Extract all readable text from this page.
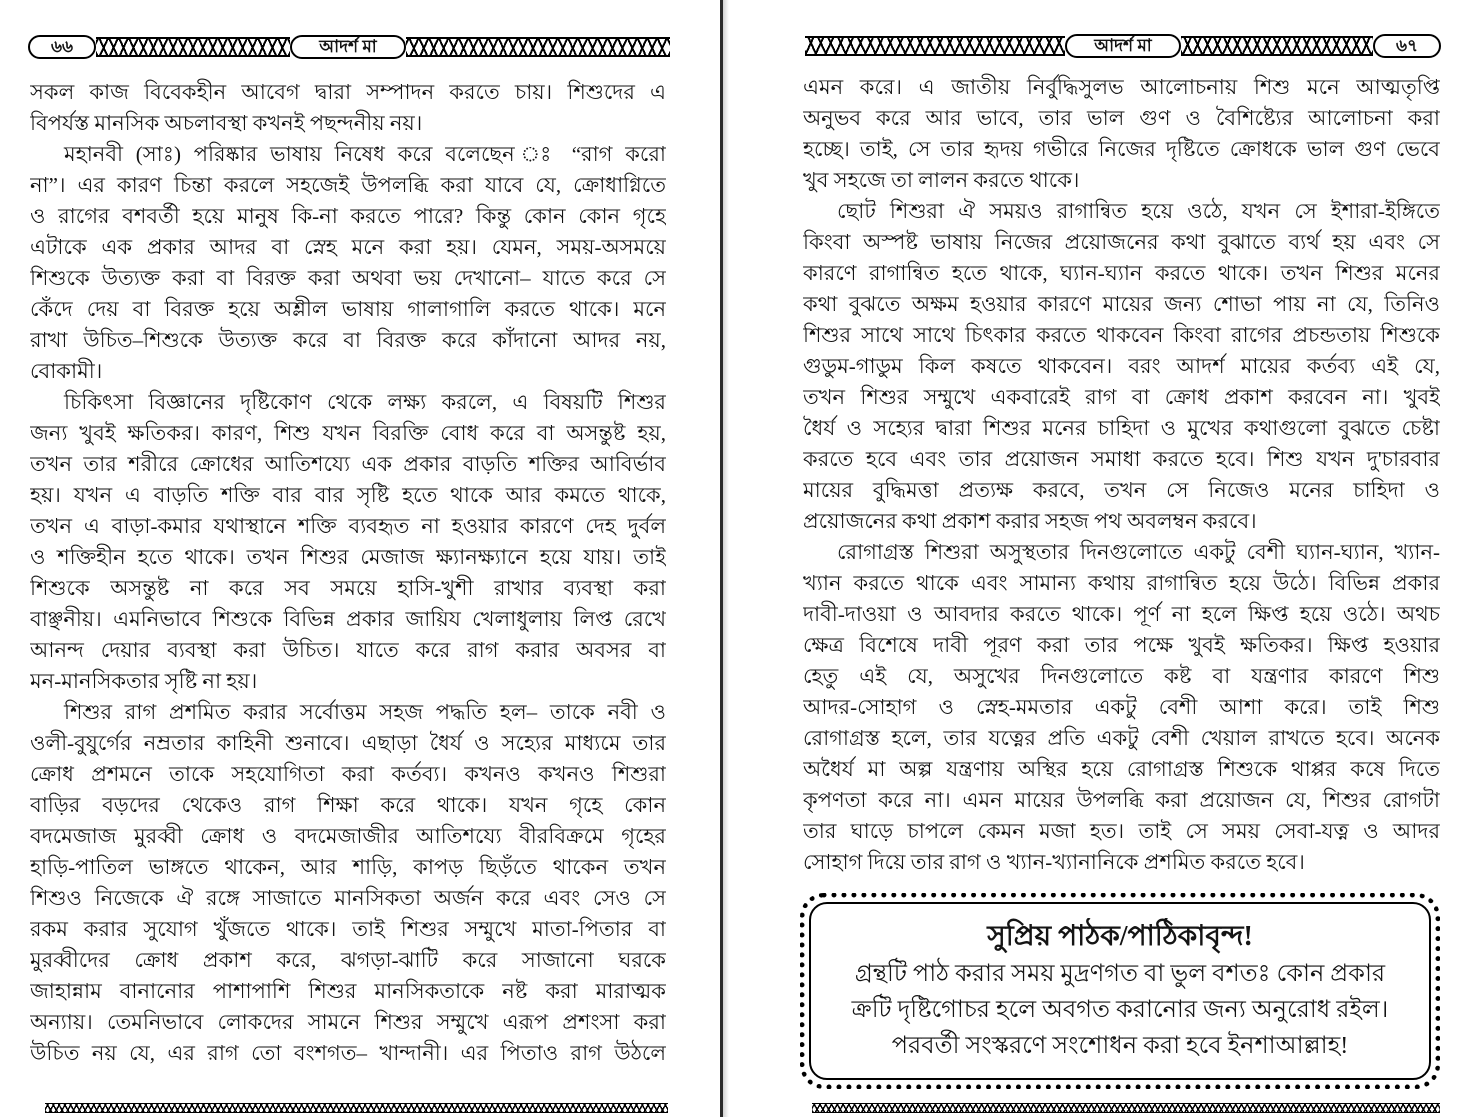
৬৬	আদর্শ মা	আদর্শ মা	৬৭
সকল কাজ বিবেকহীন আবেগ দ্বারা সম্পাদন করতে চায়। শিশুদের এ
বিপর্যস্ত মানসিক অচলাবস্থা কখনই পছন্দনীয় নয়।
মহানবী (সাঃ) পরিষ্কার ভাষায় নিষেধ করে বলেছেন ঃ “রাগ করো
না”। এর কারণ চিন্তা করলে সহজেই উপলব্ধি করা যাবে যে, ক্রোধাগ্নিতে
ও রাগের বশবর্তী হয়ে মানুষ কি-না করতে পারে? কিন্তু কোন কোন গৃহে
এটাকে এক প্রকার আদর বা স্নেহ মনে করা হয়। যেমন, সময়-অসময়ে
শিশুকে উত্যক্ত করা বা বিরক্ত করা অথবা ভয় দেখানো– যাতে করে সে
কেঁদে দেয় বা বিরক্ত হয়ে অশ্লীল ভাষায় গালাগালি করতে থাকে। মনে
রাখা উচিত–শিশুকে উত্যক্ত করে বা বিরক্ত করে কাঁদানো আদর নয়,
বোকামী।
চিকিৎসা বিজ্ঞানের দৃষ্টিকোণ থেকে লক্ষ্য করলে, এ বিষয়টি শিশুর
জন্য খুবই ক্ষতিকর। কারণ, শিশু যখন বিরক্তি বোধ করে বা অসন্তুষ্ট হয়,
তখন তার শরীরে ক্রোধের আতিশয্যে এক প্রকার বাড়তি শক্তির আবির্ভাব
হয়। যখন এ বাড়তি শক্তি বার বার সৃষ্টি হতে থাকে আর কমতে থাকে,
তখন এ বাড়া-কমার যথাস্থানে শক্তি ব্যবহৃত না হওয়ার কারণে দেহ দুর্বল
ও শক্তিহীন হতে থাকে। তখন শিশুর মেজাজ ক্ষ্যানক্ষ্যানে হয়ে যায়। তাই
শিশুকে অসন্তুষ্ট না করে সব সময়ে হাসি-খুশী রাখার ব্যবস্থা করা
বাঞ্ছনীয়। এমনিভাবে শিশুকে বিভিন্ন প্রকার জায়িয খেলাধুলায় লিপ্ত রেখে
আনন্দ দেয়ার ব্যবস্থা করা উচিত। যাতে করে রাগ করার অবসর বা
মন-মানসিকতার সৃষ্টি না হয়।
শিশুর রাগ প্রশমিত করার সর্বোত্তম সহজ পদ্ধতি হল– তাকে নবী ও
ওলী-বুযুর্গের নম্রতার কাহিনী শুনাবে। এছাড়া ধৈর্য ও সহ্যের মাধ্যমে তার
ক্রোধ প্রশমনে তাকে সহযোগিতা করা কর্তব্য। কখনও কখনও শিশুরা
বাড়ির বড়দের থেকেও রাগ শিক্ষা করে থাকে। যখন গৃহে কোন
বদমেজাজ মুরব্বী ক্রোধ ও বদমেজাজীর আতিশয্যে বীরবিক্রমে গৃহের
হাড়ি-পাতিল ভাঙ্গতে থাকেন, আর শাড়ি, কাপড় ছিড়ঁতে থাকেন তখন
শিশুও নিজেকে ঐ রঙ্গে সাজাতে মানসিকতা অর্জন করে এবং সেও সে
রকম করার সুযোগ খুঁজতে থাকে। তাই শিশুর সম্মুখে মাতা-পিতার বা
মুরব্বীদের ক্রোধ প্রকাশ করে, ঝগড়া-ঝাটি করে সাজানো ঘরকে
জাহান্নাম বানানোর পাশাপাশি শিশুর মানসিকতাকে নষ্ট করা মারাত্মক
অন্যায়। তেমনিভাবে লোকদের সামনে শিশুর সম্মুখে এরূপ প্রশংসা করা
উচিত নয় যে, এর রাগ তো বংশগত– খান্দানী। এর পিতাও রাগ উঠলে
এমন করে। এ জাতীয় নির্বুদ্ধিসুলভ আলোচনায় শিশু মনে আত্মতৃপ্তি
অনুভব করে আর ভাবে, তার ভাল গুণ ও বৈশিষ্ট্যের আলোচনা করা
হচ্ছে। তাই, সে তার হৃদয় গভীরে নিজের দৃষ্টিতে ক্রোধকে ভাল গুণ ভেবে
খুব সহজে তা লালন করতে থাকে।
ছোট শিশুরা ঐ সময়ও রাগান্বিত হয়ে ওঠে, যখন সে ইশারা-ইঙ্গিতে
কিংবা অস্পষ্ট ভাষায় নিজের প্রয়োজনের কথা বুঝাতে ব্যর্থ হয় এবং সে
কারণে রাগান্বিত হতে থাকে, ঘ্যান-ঘ্যান করতে থাকে। তখন শিশুর মনের
কথা বুঝতে অক্ষম হওয়ার কারণে মায়ের জন্য শোভা পায় না যে, তিনিও
শিশুর সাথে সাথে চিৎকার করতে থাকবেন কিংবা রাগের প্রচন্ডতায় শিশুকে
গুডুম-গাডুম কিল কষতে থাকবেন। বরং আদর্শ মায়ের কর্তব্য এই যে,
তখন শিশুর সম্মুখে একবারেই রাগ বা ক্রোধ প্রকাশ করবেন না। খুবই
ধৈর্য ও সহ্যের দ্বারা শিশুর মনের চাহিদা ও মুখের কথাগুলো বুঝতে চেষ্টা
করতে হবে এবং তার প্রয়োজন সমাধা করতে হবে। শিশু যখন দু'চারবার
মায়ের বুদ্ধিমত্তা প্রত্যক্ষ করবে, তখন সে নিজেও মনের চাহিদা ও
প্রয়োজনের কথা প্রকাশ করার সহজ পথ অবলম্বন করবে।
রোগাগ্রস্ত শিশুরা অসুস্থতার দিনগুলোতে একটু বেশী ঘ্যান-ঘ্যান, খ্যান-
খ্যান করতে থাকে এবং সামান্য কথায় রাগান্বিত হয়ে উঠে। বিভিন্ন প্রকার
দাবী-দাওয়া ও আবদার করতে থাকে। পূর্ণ না হলে ক্ষিপ্ত হয়ে ওঠে। অথচ
ক্ষেত্র বিশেষে দাবী পূরণ করা তার পক্ষে খুবই ক্ষতিকর। ক্ষিপ্ত হওয়ার
হেতু এই যে, অসুখের দিনগুলোতে কষ্ট বা যন্ত্রণার কারণে শিশু
আদর-সোহাগ ও স্নেহ-মমতার একটু বেশী আশা করে। তাই শিশু
রোগাগ্রস্ত হলে, তার যত্নের প্রতি একটু বেশী খেয়াল রাখতে হবে। অনেক
অধৈর্য মা অল্প যন্ত্রণায় অস্থির হয়ে রোগাগ্রস্ত শিশুকে থাপ্পর কষে দিতে
কৃপণতা করে না। এমন মায়ের উপলব্ধি করা প্রয়োজন যে, শিশুর রোগটা
তার ঘাড়ে চাপলে কেমন মজা হত। তাই সে সময় সেবা-যত্ন ও আদর
সোহাগ দিয়ে তার রাগ ও খ্যান-খ্যানানিকে প্রশমিত করতে হবে।
সুপ্রিয় পাঠক/পাঠিকাবৃন্দ!
গ্রন্থটি পাঠ করার সময় মুদ্রণগত বা ভুল বশতঃ কোন প্রকার
ক্রটি দৃষ্টিগোচর হলে অবগত করানোর জন্য অনুরোধ রইল।
পরবর্তী সংস্করণে সংশোধন করা হবে ইনশাআল্লাহ!
